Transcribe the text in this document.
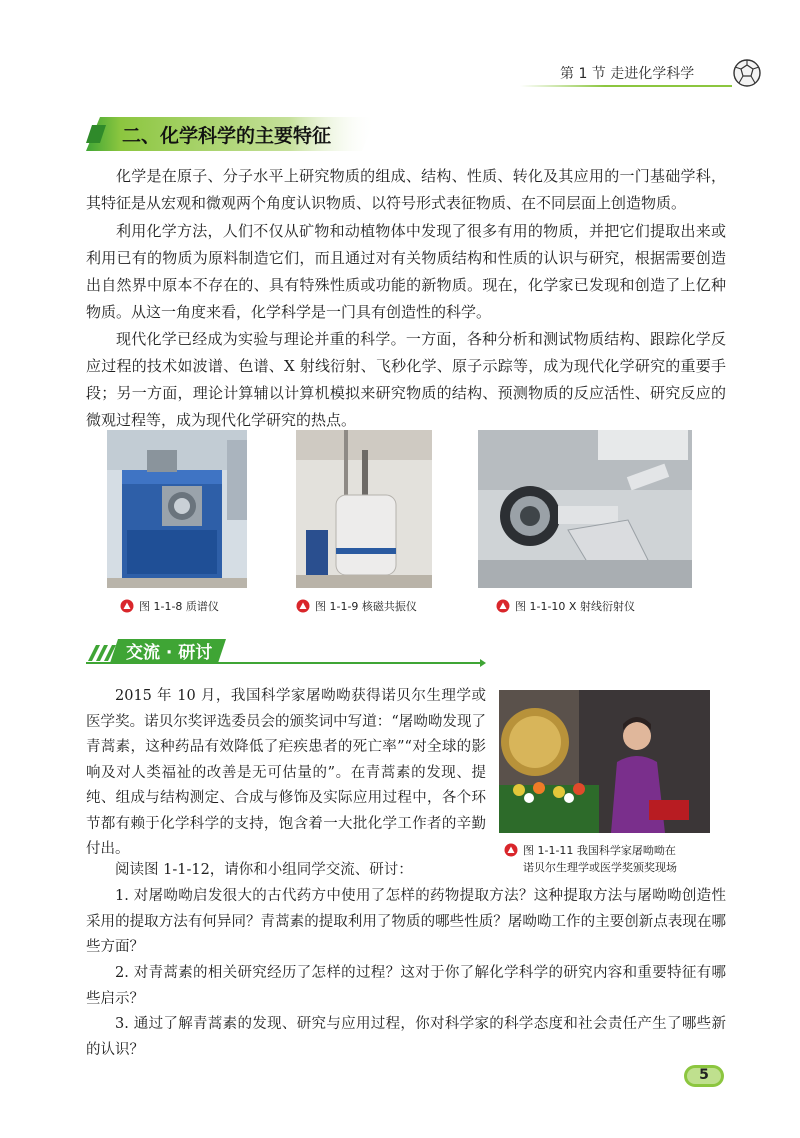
第 1 节 走进化学科学
二、化学科学的主要特征

化学是在原子、分子水平上研究物质的组成、结构、性质、转化及其应用的一门基础学科，其特征是从宏观和微观两个角度认识物质、以符号形式表征物质、在不同层面上创造物质。

利用化学方法，人们不仅从矿物和动植物体中发现了很多有用的物质，并把它们提取出来或利用已有的物质为原料制造它们，而且通过对有关物质结构和性质的认识与研究，根据需要创造出自然界中原本不存在的、具有特殊性质或功能的新物质。现在，化学家已发现和创造了上亿种物质。从这一角度来看，化学科学是一门具有创造性的科学。

现代化学已经成为实验与理论并重的科学。一方面，各种分析和测试物质结构、跟踪化学反应过程的技术如波谱、色谱、X 射线衍射、飞秒化学、原子示踪等，成为现代化学研究的重要手段；另一方面，理论计算辅以计算机模拟来研究物质的结构、预测物质的反应活性、研究反应的微观过程等，成为现代化学研究的热点。

图 1-1-8 质谱仪	图 1-1-9 核磁共振仪	图 1-1-10 X 射线衍射仪
交流 · 研讨

2015 年 10 月，我国科学家屠呦呦获得诺贝尔生理学或医学奖。诺贝尔奖评选委员会的颁奖词中写道：“屠呦呦发现了青蒿素，这种药品有效降低了疟疾患者的死亡率”“对全球的影响及对人类福祉的改善是无可估量的”。在青蒿素的发现、提纯、组成与结构测定、合成与修饰及实际应用过程中，各个环节都有赖于化学科学的支持，饱含着一大批化学工作者的辛勤付出。	图 1-1-11 我国科学家屠呦呦在
诺贝尔生理学或医学奖颁奖现场

阅读图 1-1-12，请你和小组同学交流、研讨：

1. 对屠呦呦启发很大的古代药方中使用了怎样的药物提取方法？这种提取方法与屠呦呦创造性采用的提取方法有何异同？青蒿素的提取利用了物质的哪些性质？屠呦呦工作的主要创新点表现在哪些方面？

2. 对青蒿素的相关研究经历了怎样的过程？这对于你了解化学科学的研究内容和重要特征有哪些启示？

3. 通过了解青蒿素的发现、研究与应用过程，你对科学家的科学态度和社会责任产生了哪些新的认识？

5
